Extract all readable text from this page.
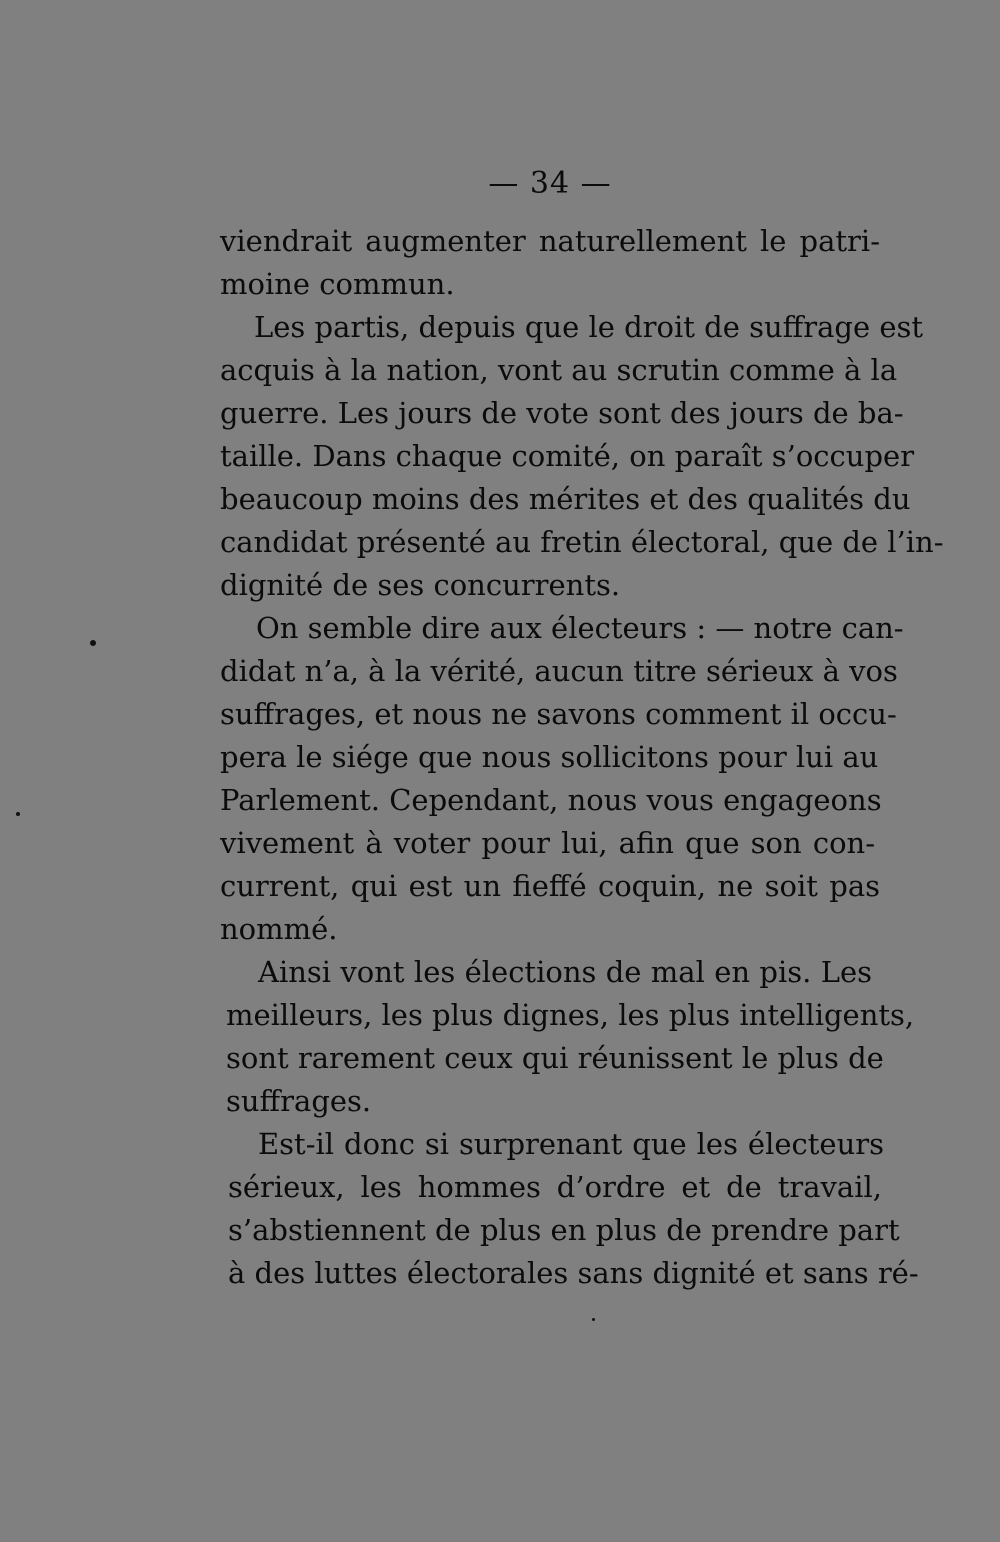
— 34 —
viendrait augmenter naturellement le patri-
moine commun.
Les partis, depuis que le droit de suffrage est
acquis à la nation, vont au scrutin comme à la
guerre. Les jours de vote sont des jours de ba-
taille. Dans chaque comité, on paraît s’occuper
beaucoup moins des mérites et des qualités du
candidat présenté au fretin électoral, que de l’in-
dignité de ses concurrents.
On semble dire aux électeurs : — notre can-
didat n’a, à la vérité, aucun titre sérieux à vos
suffrages, et nous ne savons comment il occu-
pera le siége que nous sollicitons pour lui au
Parlement. Cependant, nous vous engageons
vivement à voter pour lui, afin que son con-
current, qui est un fieffé coquin, ne soit pas
nommé.
Ainsi vont les élections de mal en pis. Les
meilleurs, les plus dignes, les plus intelligents,
sont rarement ceux qui réunissent le plus de
suffrages.
Est-il donc si surprenant que les électeurs
sérieux, les hommes d’ordre et de travail,
s’abstiennent de plus en plus de prendre part
à des luttes électorales sans dignité et sans ré-
